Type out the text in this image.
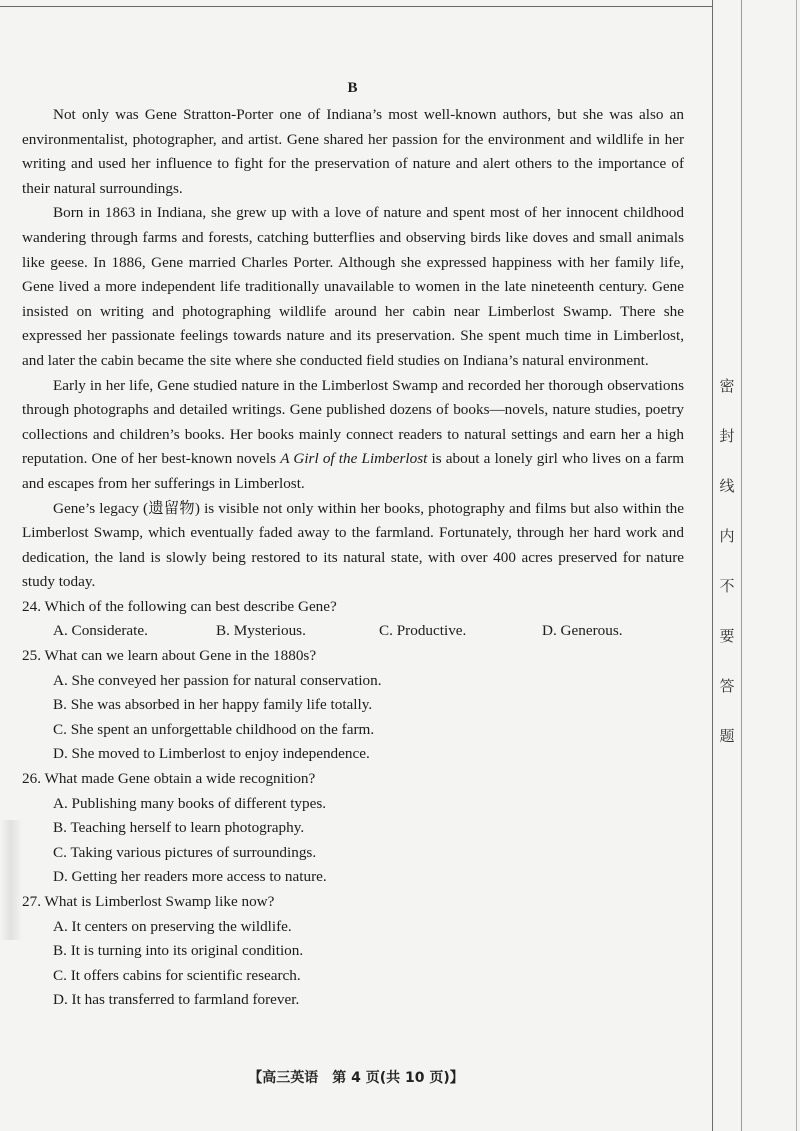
密
封
线
内
不
要
答
题

B

Not only was Gene Stratton-Porter one of Indiana’s most well-known authors, but she was also an environmentalist, photographer, and artist. Gene shared her passion for the environment and wildlife in her writing and used her influence to fight for the preservation of nature and alert others to the importance of their natural surroundings.

Born in 1863 in Indiana, she grew up with a love of nature and spent most of her innocent childhood wandering through farms and forests, catching butterflies and observing birds like doves and small animals like geese. In 1886, Gene married Charles Porter. Although she expressed happiness with her family life, Gene lived a more independent life traditionally unavailable to women in the late nineteenth century. Gene insisted on writing and photographing wildlife around her cabin near Limberlost Swamp. There she expressed her passionate feelings towards nature and its preservation. She spent much time in Limberlost, and later the cabin became the site where she conducted field studies on Indiana’s natural environment.

Early in her life, Gene studied nature in the Limberlost Swamp and recorded her thorough observations through photographs and detailed writings. Gene published dozens of books—novels, nature studies, poetry collections and children’s books. Her books mainly connect readers to natural settings and earn her a high reputation. One of her best-known novels A Girl of the Limberlost is about a lonely girl who lives on a farm and escapes from her sufferings in Limberlost.

Gene’s legacy (遗留物) is visible not only within her books, photography and films but also within the Limberlost Swamp, which eventually faded away to the farmland. Fortunately, through her hard work and dedication, the land is slowly being restored to its natural state, with over 400 acres preserved for nature study today.

24. Which of the following can best describe Gene?

A. Considerate.	B. Mysterious.	C. Productive.	D. Generous.

25. What can we learn about Gene in the 1880s?

A. She conveyed her passion for natural conservation.

B. She was absorbed in her happy family life totally.

C. She spent an unforgettable childhood on the farm.

D. She moved to Limberlost to enjoy independence.

26. What made Gene obtain a wide recognition?

A. Publishing many books of different types.

B. Teaching herself to learn photography.

C. Taking various pictures of surroundings.

D. Getting her readers more access to nature.

27. What is Limberlost Swamp like now?

A. It centers on preserving the wildlife.

B. It is turning into its original condition.

C. It offers cabins for scientific research.

D. It has transferred to farmland forever.

【高三英语　第 4 页(共 10 页)】
